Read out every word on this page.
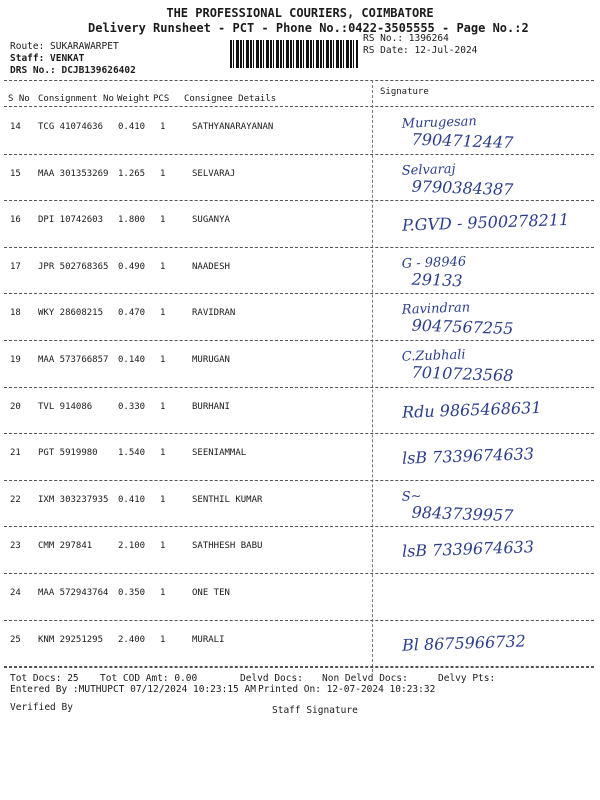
THE PROFESSIONAL COURIERS, COIMBATORE
Delivery Runsheet - PCT - Phone No.:0422-3505555 - Page No.:2
Route: SUKARAWARPET
Staff: VENKAT
DRS No.: DCJB139626402
RS No.: 1396264
RS Date: 12-Jul-2024
S No Consignment No Weight PCS Consignee Details
Signature
14 TCG 41074636 0.410 1	SATHYANARAYANAN	Murugesan
7904712447
15 MAA 301353269 1.265 1	SELVARAJ	Selvaraj
9790384387
16 DPI 10742603 1.800 1	SUGANYA	P.GVD - 9500278211
17 JPR 502768365 0.490 1	NAADESH	G - 98946
29133
18 WKY 28608215 0.470 1	RAVIDRAN	Ravindran
9047567255
19 MAA 573766857 0.140 1	MURUGAN	C.Zubhali
7010723568
20 TVL 914086	0.330 1	BURHANI	Rdu 9865468631
21 PGT 5919980 1.540 1	SEENIAMMAL	lsB 7339674633
22 IXM 303237935 0.410 1	SENTHIL KUMAR	S~
9843739957
23 CMM 297841	2.100 1	SATHHESH BABU	lsB 7339674633
24 MAA 572943764 0.350 1	ONE TEN
25 KNM 29251295 2.400 1	MURALI	Bl 8675966732
Tot Docs: 25 Tot COD Amt: 0.00	Delvd Docs: Non Delvd Docs:	Delvy Pts:
Entered By :MUTHUPCT 07/12/2024 10:23:15 AM Printed On: 12-07-2024 10:23:32
Verified By	Staff Signature
